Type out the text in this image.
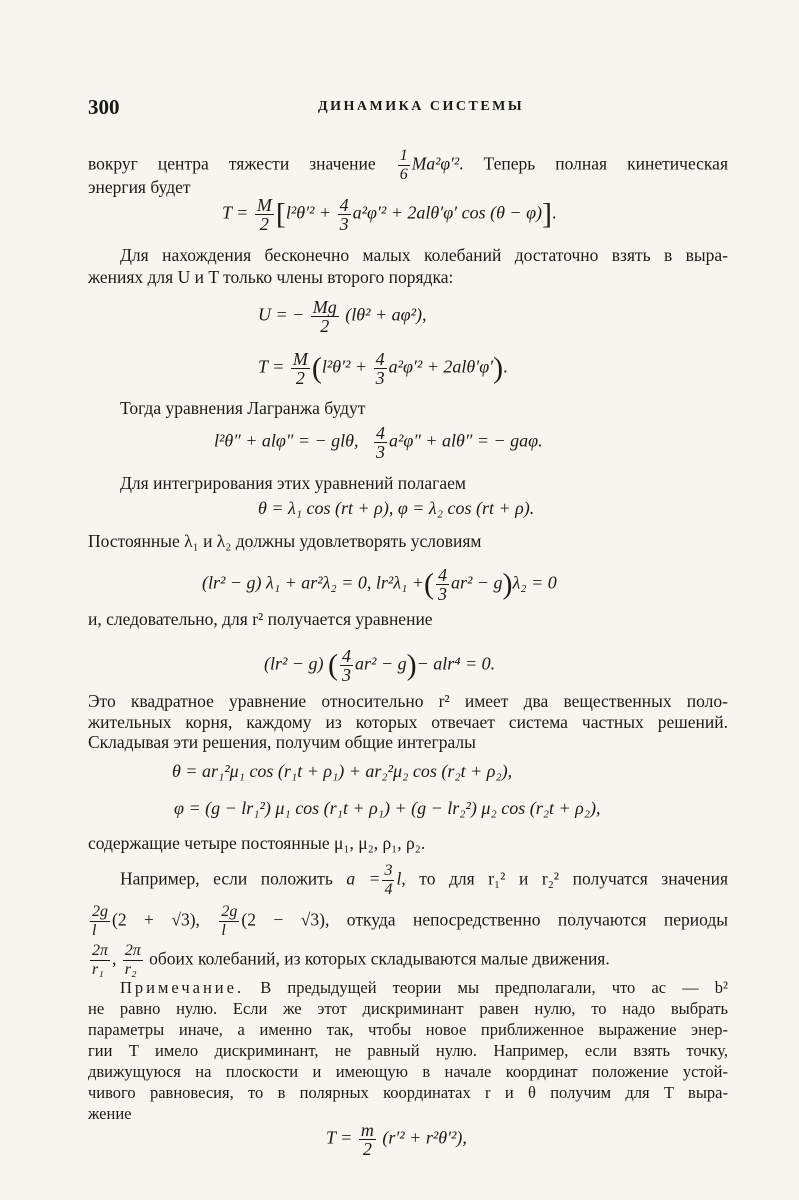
300	ДИНАМИКА СИСТЕМЫ
вокруг центра тяжести значение $\frac{1}{6} Ma^2\varphi'^2$. Теперь полная кинетическая
энергия будет
$T = \frac{M}{2} [l^2\theta'^2 + \frac{4}{3} a^2\varphi'^2 + 2al\theta'\varphi'$ cos (θ − φ)].
Для нахождения бесконечно малых колебаний достаточно взять в выра-
жениях для U и T только члены второго порядка:
U = − $\frac{Mg}{2} (l\theta^2 + a\varphi^2)$,
$T = \frac{M}{2} (l^2\theta'^2 + \frac{4}{3} a^2\varphi'^2 + 2al\theta'\varphi')$.
Тогда уравнения Лагранжа будут
l²θ″ + alφ″ = − glθ, $\frac{4}{3} a^2\varphi'' + al\theta''$ = − gaφ.
Для интегрирования этих уравнений полагаем
θ = λ₁ cos (rt + ρ), φ = λ₂ cos (rt + ρ).
Постоянные λ₁ и λ₂ должны удовлетворять условиям
(lr² − g) λ₁ + ar²λ₂ = 0, lr²λ₁ +( $\frac{4}{3} ar^2 - g)\lambda_2 = 0$
и, следовательно, для r² получается уравнение
(lr² − g) ( $\frac{4}{3} ar^2 - g)- alr^4 = 0$.
Это квадратное уравнение относительно r² имеет два вещественных поло-
жительных корня, каждому из которых отвечает система частных решений.
Складывая эти решения, получим общие интегралы
θ = ar₁²μ₁ cos (r₁t + ρ₁) + ar₂²μ₂ cos (r₂t + ρ₂),
φ = (g − lr₁²) μ₁ cos (r₁t + ρ₁) + (g − lr₂²) μ₂ cos (r₂t + ρ₂),
содержащие четыре постоянные μ₁, μ₂, ρ₁, ρ₂.
Например, если положить $a = \frac{3}{4} l$, то для r₁² и r₂² получатся значения
$\frac{2g}{l} (2 + √3)$, $\frac{2g}{l} (2 - √3)$, откуда непосредственно получаются периоды
$\frac{2\pi}{\text{r₁}}$ , $\frac{2\pi}{\text{r₂}}$ обоих колебаний, из которых складываются малые движения.
Примечание. В предыдущей теории мы предполагали, что ac — b²
не равно нулю. Если же этот дискриминант равен нулю, то надо выбрать
параметры иначе, а именно так, чтобы новое приближенное выражение энер-
гии T имело дискриминант, не равный нулю. Например, если взять точку,
движущуюся на плоскости и имеющую в начале координат положение устой-
чивого равновесия, то в полярных координатах r и θ получим для T выра-
жение
$T = \frac{m}{2} (r'^2 + r^2\theta'^2)$,
